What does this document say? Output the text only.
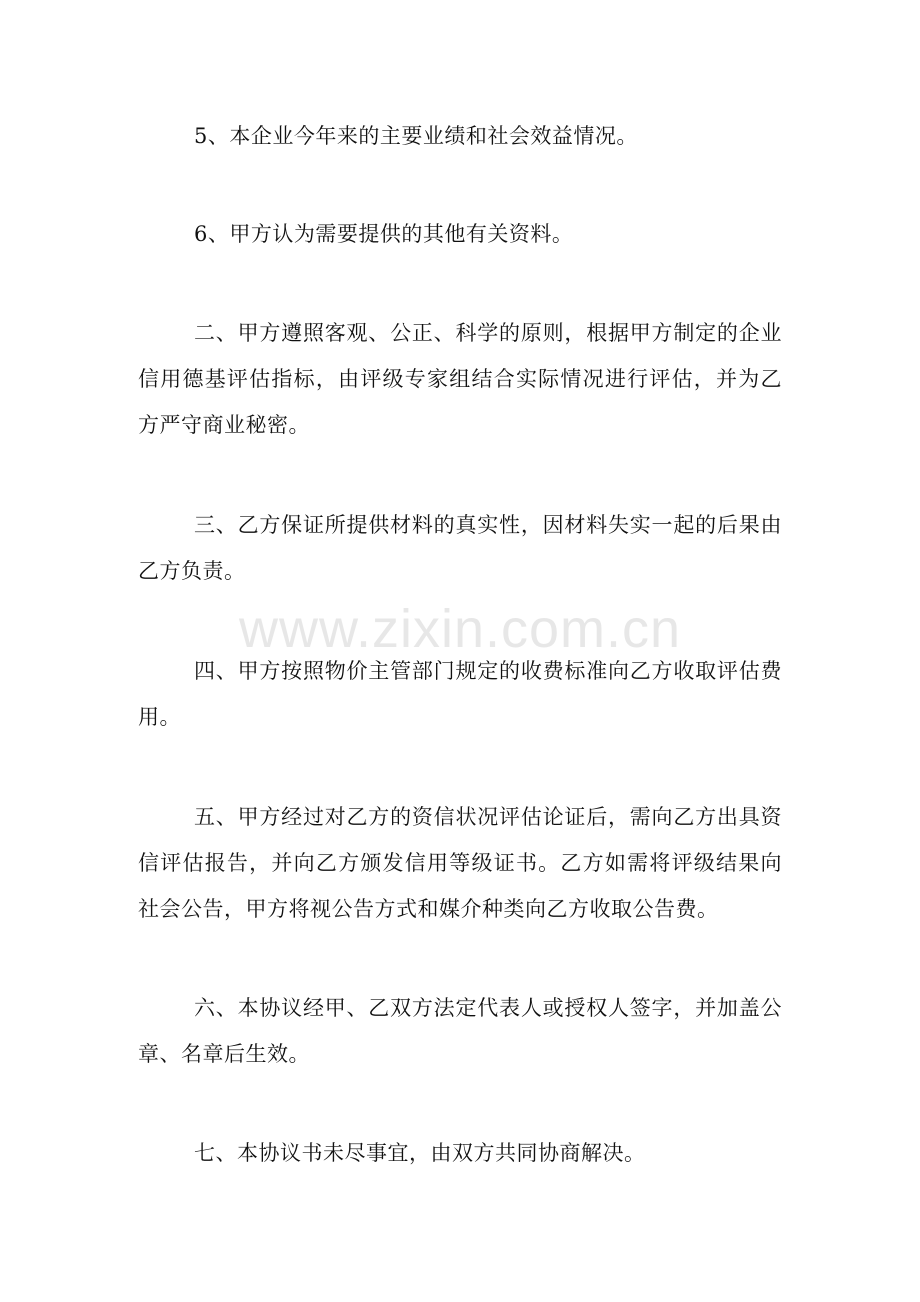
5、本企业今年来的主要业绩和社会效益情况。

6、甲方认为需要提供的其他有关资料。

二、甲方遵照客观、公正、科学的原则，根据甲方制定的企业信用德基评估指标，由评级专家组结合实际情况进行评估，并为乙方严守商业秘密。

三、乙方保证所提供材料的真实性，因材料失实一起的后果由乙方负责。

四、甲方按照物价主管部门规定的收费标准向乙方收取评估费用。

五、甲方经过对乙方的资信状况评估论证后，需向乙方出具资信评估报告，并向乙方颁发信用等级证书。乙方如需将评级结果向社会公告，甲方将视公告方式和媒介种类向乙方收取公告费。

六、本协议经甲、乙双方法定代表人或授权人签字，并加盖公章、名章后生效。

七、本协议书未尽事宜，由双方共同协商解决。

www.zixin.com.cn
